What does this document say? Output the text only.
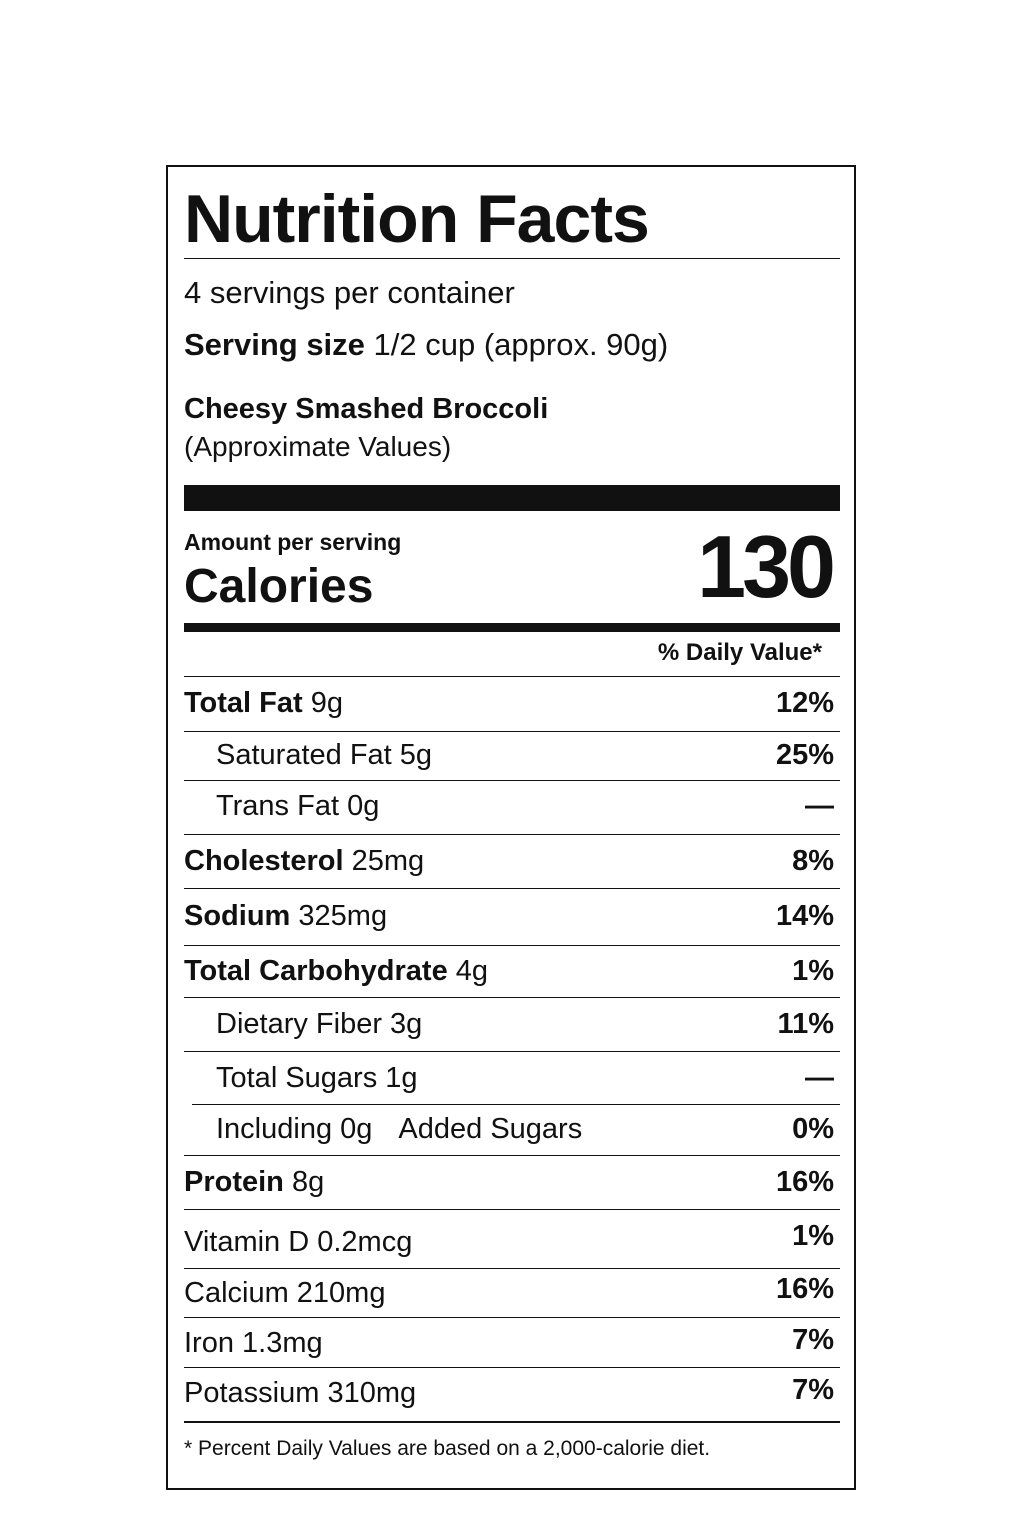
Nutrition Facts
4 servings per container
Serving size 1/2 cup (approx. 90g)
Cheesy Smashed Broccoli
(Approximate Values)
Amount per serving
Calories	130
% Daily Value*
Total Fat 9g	12%
Saturated Fat 5g	25%
Trans Fat 0g	—
Cholesterol 25mg	8%
Sodium 325mg	14%
Total Carbohydrate 4g	1%
Dietary Fiber 3g	11%
Total Sugars 1g	—
Including 0g Added Sugars	0%
Protein 8g	16%
Vitamin D 0.2mcg	1%
Calcium 210mg	16%
Iron 1.3mg	7%
Potassium 310mg	7%
* Percent Daily Values are based on a 2,000-calorie diet.
